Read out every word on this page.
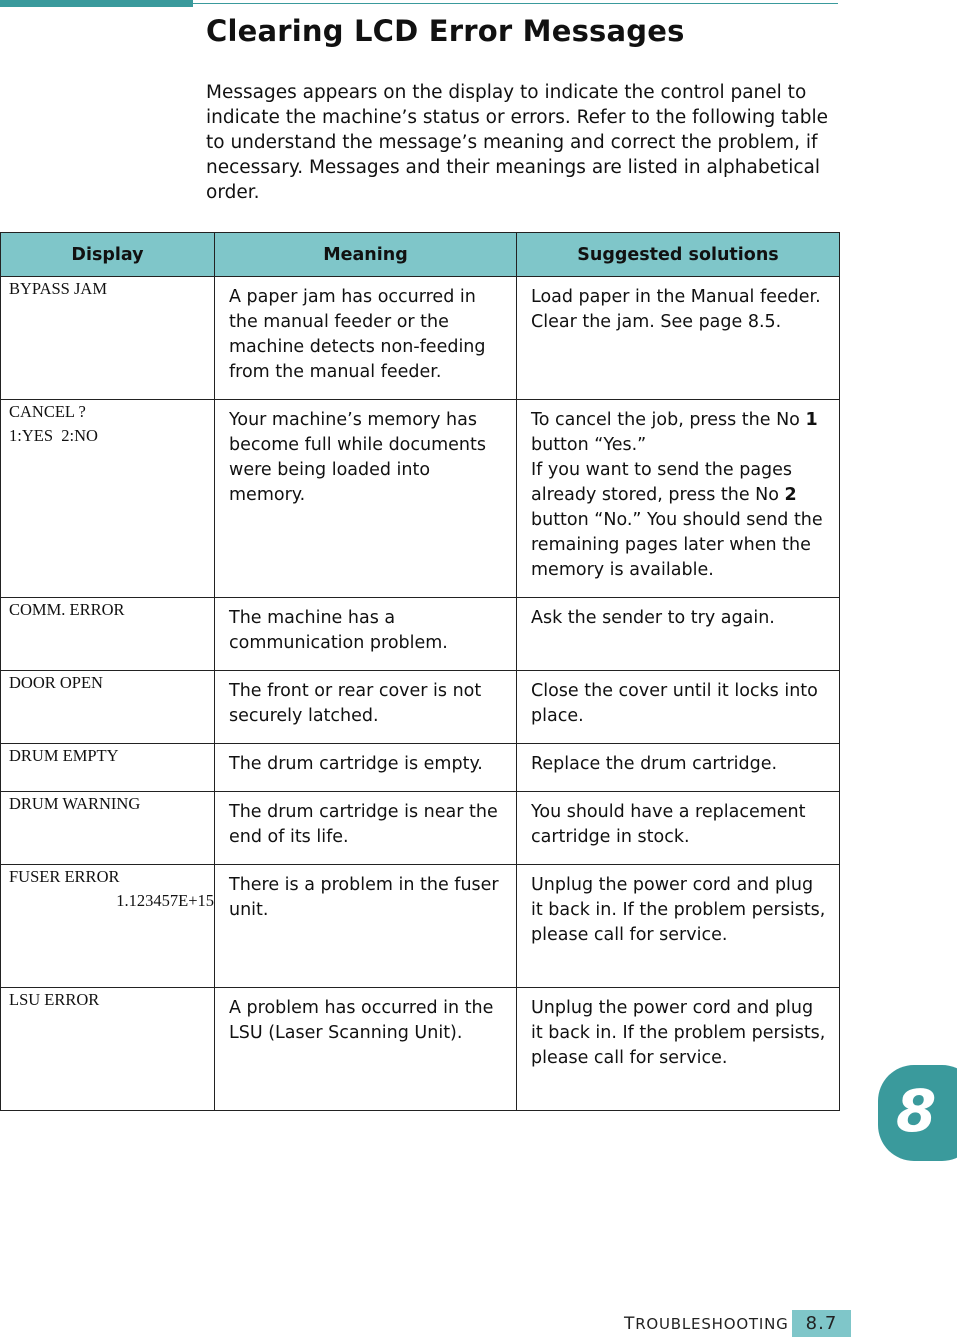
Clearing LCD Error Messages

Messages appears on the display to indicate the control panel to indicate the machine’s status or errors. Refer to the following table to understand the message’s meaning and correct the problem, if necessary. Messages and their meanings are listed in alphabetical order.

Display	Meaning	Suggested solutions

BYPASS JAM	A paper jam has occurred in the manual feeder or the machine detects non-feeding from the manual feeder.	Load paper in the Manual feeder.
Clear the jam. See page 8.5.

CANCEL ?
1:YES  2:NO	Your machine’s memory has become full while documents were being loaded into memory.	To cancel the job, press the No 1 button “Yes.”
If you want to send the pages already stored, press the No 2 button “No.” You should send the remaining pages later when the memory is available.

COMM. ERROR	The machine has a communication problem.	Ask the sender to try again.

DOOR OPEN	The front or rear cover is not securely latched.	Close the cover until it locks into place.

DRUM EMPTY	The drum cartridge is empty.	Replace the drum cartridge.

DRUM WARNING	The drum cartridge is near the end of its life.	You should have a replacement cartridge in stock.

FUSER ERROR
1.123457E+15	There is a problem in the fuser unit.	Unplug the power cord and plug it back in. If the problem persists, please call for service.

LSU ERROR	A problem has occurred in the LSU (Laser Scanning Unit).	Unplug the power cord and plug it back in. If the problem persists, please call for service.
8
TROUBLESHOOTING 8.7
